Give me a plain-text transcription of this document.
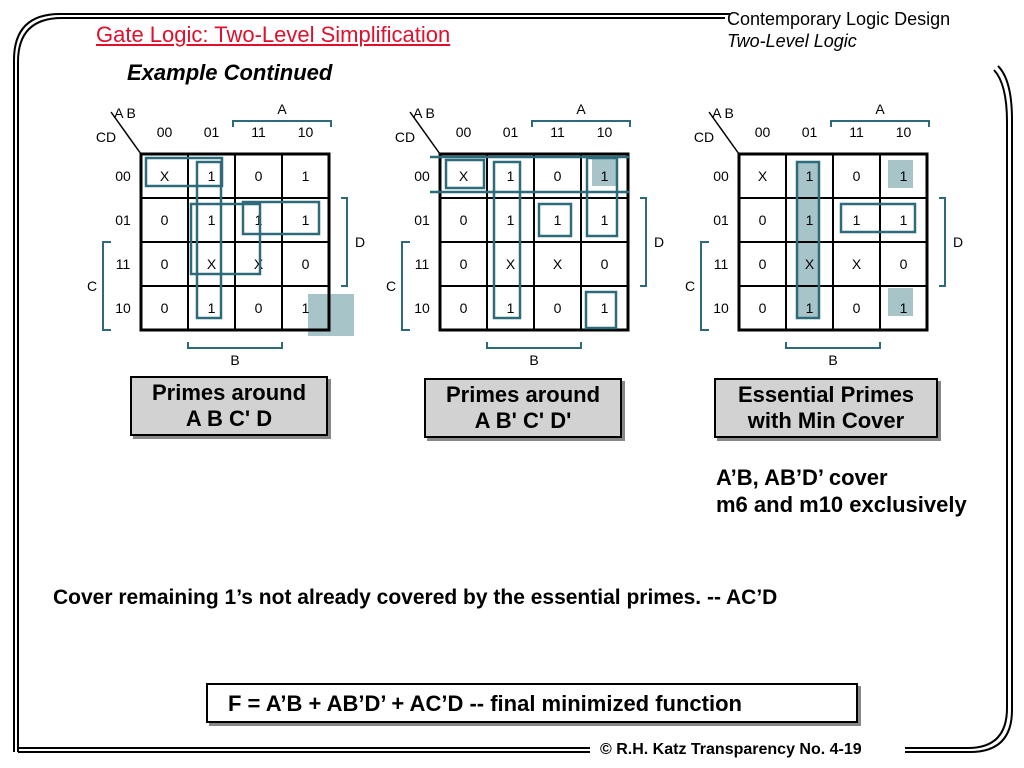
Gate Logic: Two-Level Simplification
Example Continued
Contemporary Logic Design
Two-Level Logic
A B
CD	00 01 11 10
00
01
11
10
X	1	0	1
0	1	1	1
0	X	X	0
0	1	0	1
A
B
D
C
A B
CD	00 01 11 10
00
01
11
10
X	1	0	1
0	1	1	1
0	X	X	0
0	1	0	1
A
B
D
C
A B
CD	00 01 11 10
00
01
11
10
X	1	0	1
0	1	1	1
0	X	X	0
0	1	0	1
A
B
D
C
Primes around
A B C' D
Primes around
A B' C' D'
Essential Primes
with Min Cover
A’B, AB’D’ cover
m6 and m10 exclusively
Cover remaining 1’s not already covered by the essential primes. -- AC’D
F = A’B + AB’D’ + AC’D -- final minimized function
© R.H. Katz Transparency No. 4-19
